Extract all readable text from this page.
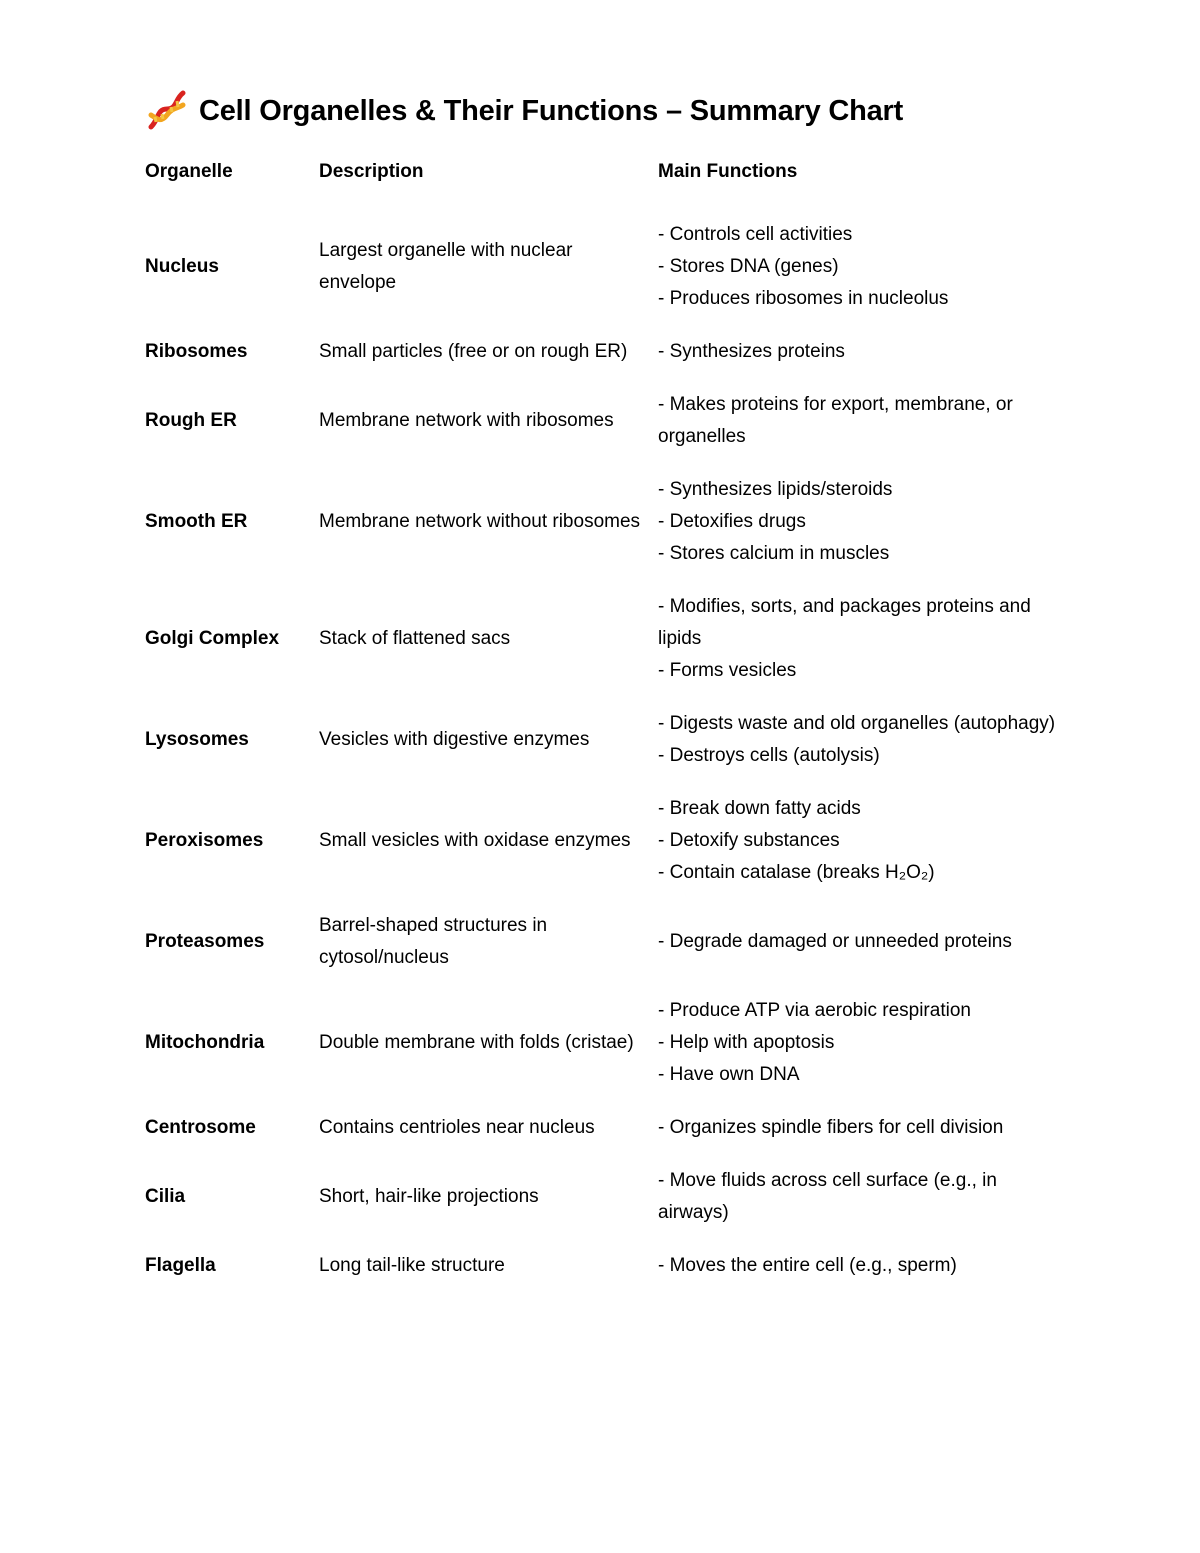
Cell Organelles & Their Functions – Summary Chart
Organelle	Description	Main Functions
Nucleus	Largest organelle with nuclear envelope	- Controls cell activities
- Stores DNA (genes)
- Produces ribosomes in nucleolus

Ribosomes	Small particles (free or on rough ER)	- Synthesizes proteins

Rough ER	Membrane network with ribosomes	- Makes proteins for export, membrane, or organelles

Smooth ER	Membrane network without ribosomes	- Synthesizes lipids/steroids
- Detoxifies drugs
- Stores calcium in muscles

Golgi Complex	Stack of flattened sacs	- Modifies, sorts, and packages proteins and lipids
- Forms vesicles

Lysosomes	Vesicles with digestive enzymes	- Digests waste and old organelles (autophagy)
- Destroys cells (autolysis)

Peroxisomes	Small vesicles with oxidase enzymes	- Break down fatty acids
- Detoxify substances
- Contain catalase (breaks H₂O₂)

Proteasomes	Barrel-shaped structures in cytosol/nucleus	- Degrade damaged or unneeded proteins

Mitochondria	Double membrane with folds (cristae)	- Produce ATP via aerobic respiration
- Help with apoptosis
- Have own DNA

Centrosome	Contains centrioles near nucleus	- Organizes spindle fibers for cell division

Cilia	Short, hair-like projections	- Move fluids across cell surface (e.g., in airways)

Flagella	Long tail-like structure	- Moves the entire cell (e.g., sperm)
